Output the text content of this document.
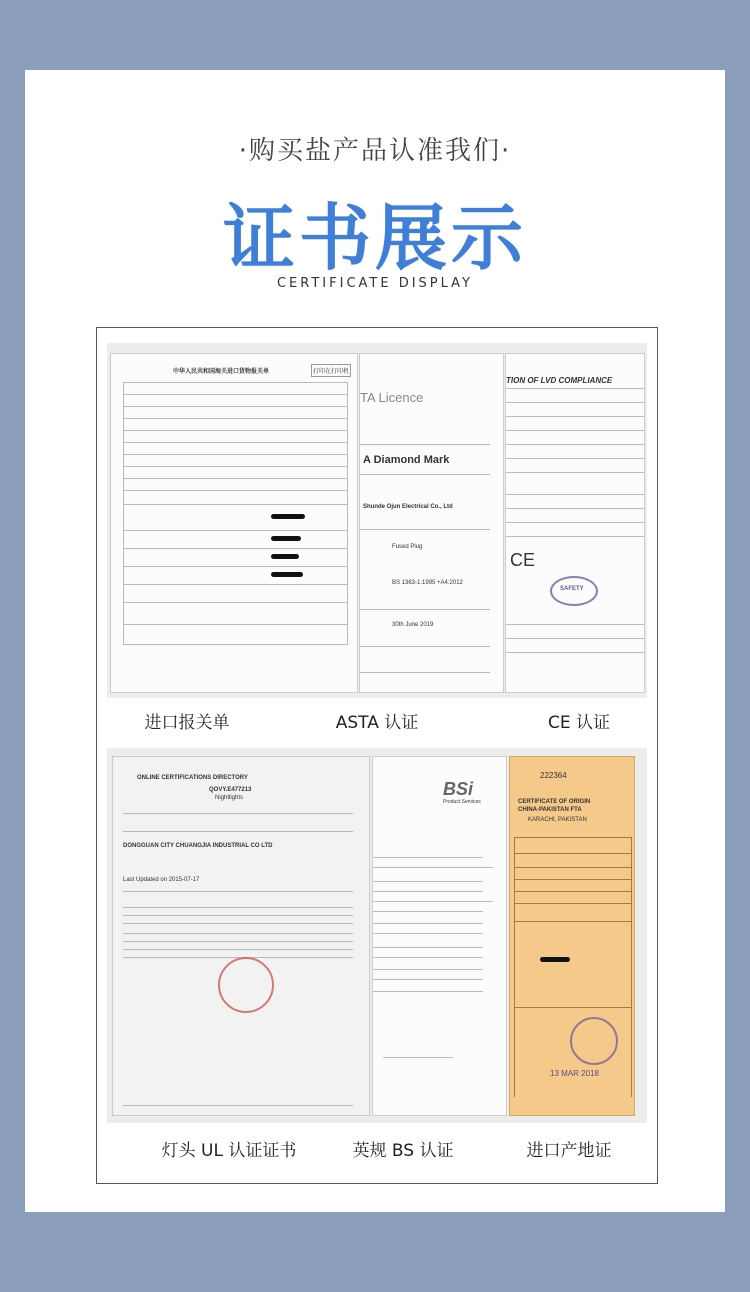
·购买盐产品认准我们·
证书展示
CERTIFICATE DISPLAY
中华人民共和国海关进口货物报关单	打印在打印机
TA Licence
A Diamond Mark
Shunde Ojun Electrical Co., Ltd
Fused Plug
BS 1363-1:1995 +A4:2012
30th June 2019
TION OF LVD COMPLIANCE
CE
SAFETY
进口报关单	ASTA 认证	CE 认证
ONLINE CERTIFICATIONS DIRECTORY
QOVY.E477213
Nightlights
DONGGUAN CITY CHUANGJIA INDUSTRIAL CO LTD
Last Updated on 2015-07-17
BSi
Product Services
222364
CERTIFICATE OF ORIGIN
CHINA-PAKISTAN FTA
KARACHI, PAKISTAN
13 MAR 2018
灯头 UL 认证证书	英规 BS 认证	进口产地证
